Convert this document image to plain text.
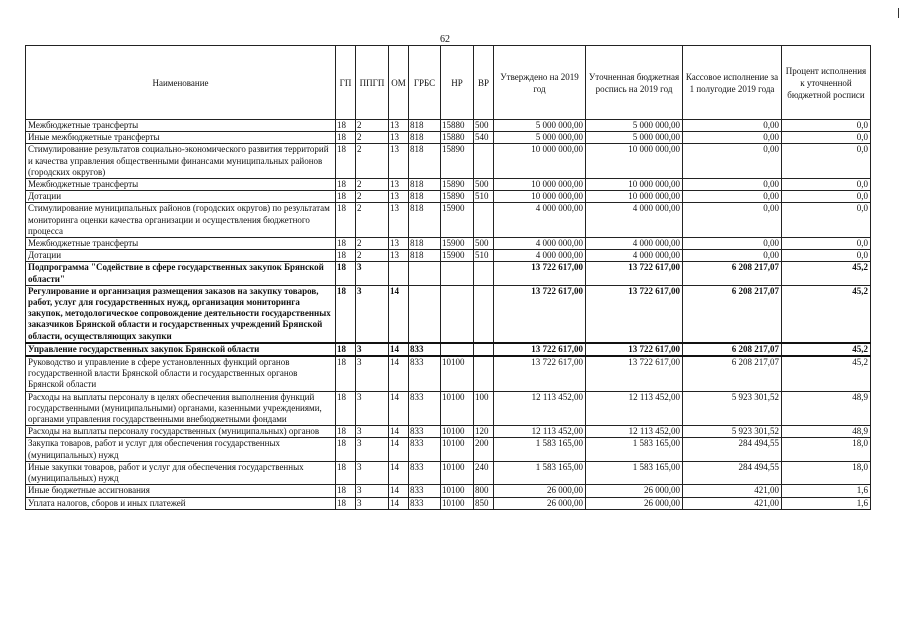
62
Наименование	ГП	ППГП	ОМ	ГРБС	НР	ВР	Утверждено на 2019 год	Уточненная бюджетная роспись на 2019 год	Кассовое исполнение за 1 полугодие 2019 года	Процент исполнения к уточненной бюджетной росписи
Межбюджетные трансферты	18	2	13	818	15880	500	5 000 000,00	5 000 000,00	0,00	0,0
Иные межбюджетные трансферты	18	2	13	818	15880	540	5 000 000,00	5 000 000,00	0,00	0,0
Стимулирование результатов социально-экономического развития территорий и качества управления общественными финансами муниципальных районов (городских округов)	18	2	13	818	15890		10 000 000,00	10 000 000,00	0,00	0,0
Межбюджетные трансферты	18	2	13	818	15890	500	10 000 000,00	10 000 000,00	0,00	0,0
Дотации	18	2	13	818	15890	510	10 000 000,00	10 000 000,00	0,00	0,0
Стимулирование муниципальных районов (городских округов) по результатам мониторинга оценки качества организации и осуществления бюджетного процесса	18	2	13	818	15900		4 000 000,00	4 000 000,00	0,00	0,0
Межбюджетные трансферты	18	2	13	818	15900	500	4 000 000,00	4 000 000,00	0,00	0,0
Дотации	18	2	13	818	15900	510	4 000 000,00	4 000 000,00	0,00	0,0
Подпрограмма "Содействие в сфере государственных закупок Брянской области"	18	3					13 722 617,00	13 722 617,00	6 208 217,07	45,2
Регулирование и организация размещения заказов на закупку товаров, работ, услуг для государственных нужд, организация мониторинга закупок, методологическое сопровождение деятельности государственных заказчиков Брянской области и государственных учреждений Брянской области, осуществляющих закупки	18	3	14				13 722 617,00	13 722 617,00	6 208 217,07	45,2
Управление государственных закупок Брянской области	18	3	14	833			13 722 617,00	13 722 617,00	6 208 217,07	45,2
Руководство и управление в сфере установленных функций органов государственной власти Брянской области и государственных органов Брянской области	18	3	14	833	10100		13 722 617,00	13 722 617,00	6 208 217,07	45,2
Расходы на выплаты персоналу в целях обеспечения выполнения функций государственными (муниципальными) органами, казенными учреждениями, органами управления государственными внебюджетными фондами	18	3	14	833	10100	100	12 113 452,00	12 113 452,00	5 923 301,52	48,9
Расходы на выплаты персоналу государственных (муниципальных) органов	18	3	14	833	10100	120	12 113 452,00	12 113 452,00	5 923 301,52	48,9
Закупка товаров, работ и услуг для обеспечения государственных (муниципальных) нужд	18	3	14	833	10100	200	1 583 165,00	1 583 165,00	284 494,55	18,0
Иные закупки товаров, работ и услуг для обеспечения государственных (муниципальных) нужд	18	3	14	833	10100	240	1 583 165,00	1 583 165,00	284 494,55	18,0
Иные бюджетные ассигнования	18	3	14	833	10100	800	26 000,00	26 000,00	421,00	1,6
Уплата налогов, сборов и иных платежей	18	3	14	833	10100	850	26 000,00	26 000,00	421,00	1,6
